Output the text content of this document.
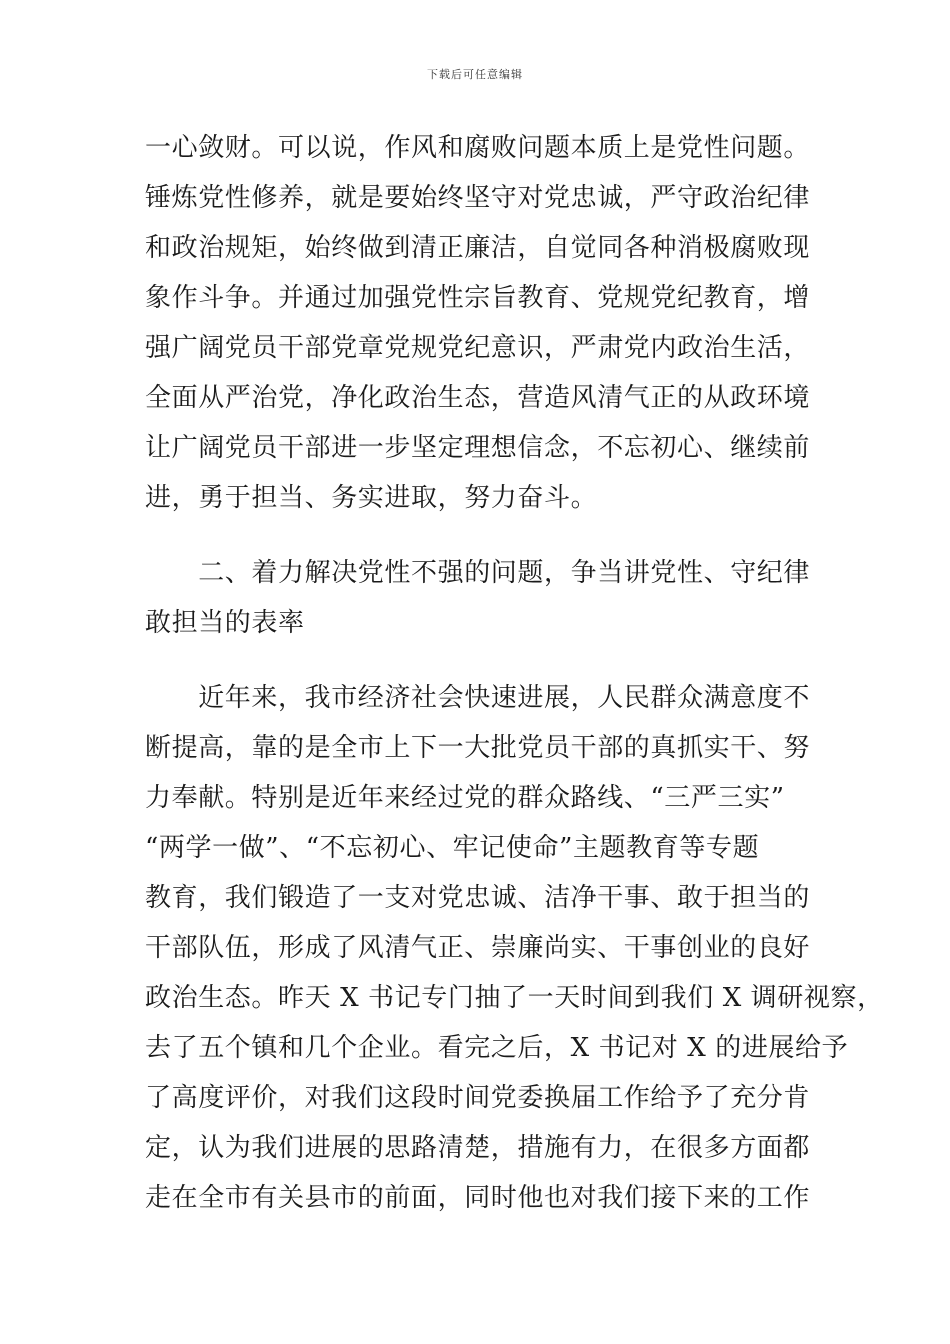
下载后可任意编辑
一心敛财。可以说，作风和腐败问题本质上是党性问题。
锤炼党性修养，就是要始终坚守对党忠诚，严守政治纪律
和政治规矩，始终做到清正廉洁，自觉同各种消极腐败现
象作斗争。并通过加强党性宗旨教育、党规党纪教育，增
强广阔党员干部党章党规党纪意识，严肃党内政治生活，
全面从严治党，净化政治生态，营造风清气正的从政环境
让广阔党员干部进一步坚定理想信念，不忘初心、继续前
进，勇于担当、务实进取，努力奋斗。
　　二、着力解决党性不强的问题，争当讲党性、守纪律
敢担当的表率
　　近年来，我市经济社会快速进展，人民群众满意度不
断提高，靠的是全市上下一大批党员干部的真抓实干、努
力奉献。特别是近年来经过党的群众路线、“三严三实”
“两学一做”、“不忘初心、牢记使命”主题教育等专题
教育，我们锻造了一支对党忠诚、洁净干事、敢于担当的
干部队伍，形成了风清气正、崇廉尚实、干事创业的良好
政治生态。昨天 X 书记专门抽了一天时间到我们 X 调研视察，
去了五个镇和几个企业。看完之后，X 书记对 X 的进展给予
了高度评价，对我们这段时间党委换届工作给予了充分肯
定，认为我们进展的思路清楚，措施有力，在很多方面都
走在全市有关县市的前面，同时他也对我们接下来的工作
